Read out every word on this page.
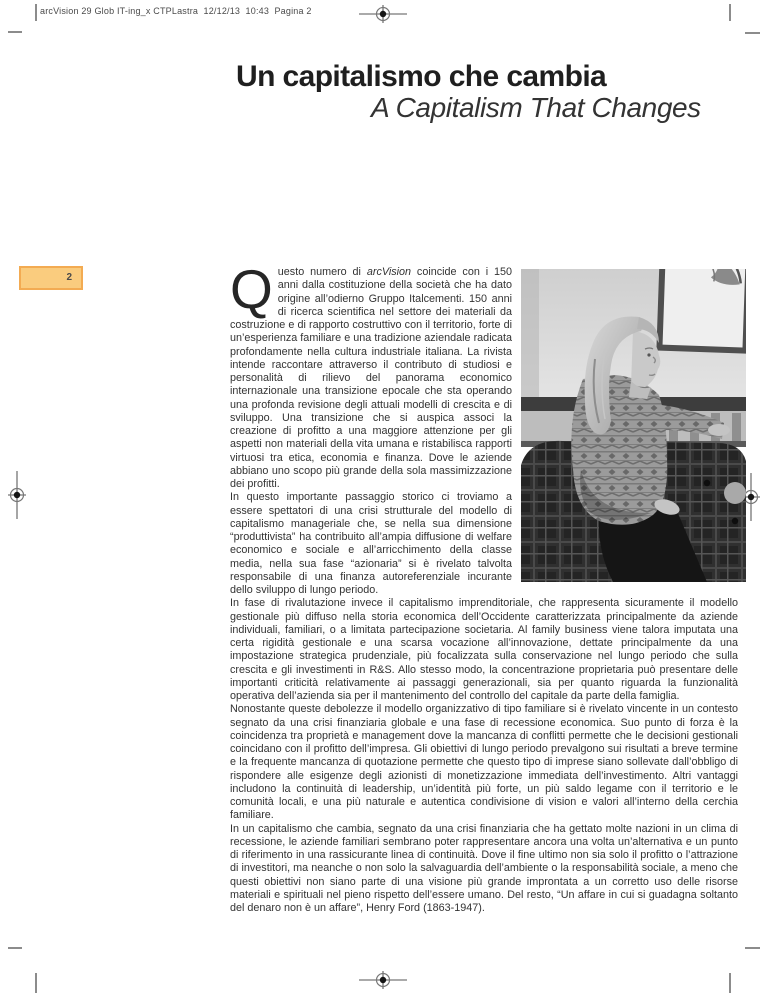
arcVision 29 Glob IT-ing_x CTPLastra  12/12/13  10:43  Pagina 2
Un capitalismo che cambia
A Capitalism That Changes
2	Questo numero di arcVision coincide con i 150 anni dalla costituzione della società che ha dato origine all’odierno Gruppo Italcementi. 150 anni di ricerca scientifica nel settore dei materiali da costruzione e di rapporto costruttivo con il territorio, forte di un’esperienza familiare e una tradizione aziendale radicata profondamente nella cultura industriale italiana. La rivista intende raccontare attraverso il contributo di studiosi e personalità di rilievo del panorama economico internazionale una transizione epocale che sta operando una profonda revisione degli attuali modelli di crescita e di sviluppo. Una transizione che si auspica associ la creazione di profitto a una maggiore attenzione per gli aspetti non materiali della vita umana e ristabilisca rapporti virtuosi tra etica, economia e finanza. Dove le aziende abbiano uno scopo più grande della sola massimizzazione dei profitti.

In questo importante passaggio storico ci troviamo a essere spettatori di una crisi strutturale del modello di capitalismo manageriale che, se nella sua dimensione “produttivista” ha contribuito all’ampia diffusione di welfare economico e sociale e all’arricchimento della classe media, nella sua fase “azionaria” si è rivelato talvolta responsabile di una finanza autoreferenziale incurante dello sviluppo di lungo periodo.

In fase di rivalutazione invece il capitalismo imprenditoriale, che rappresenta sicuramente il modello gestionale più diffuso nella storia economica dell’Occidente caratterizzata principalmente da aziende individuali, familiari, o a limitata partecipazione societaria. Al family business viene talora imputata una certa rigidità gestionale e una scarsa vocazione all’innovazione, dettate principalmente da una impostazione strategica prudenziale, più focalizzata sulla conservazione nel lungo periodo che sulla crescita e gli investimenti in R&S. Allo stesso modo, la concentrazione proprietaria può presentare delle importanti criticità relativamente ai passaggi generazionali, sia per quanto riguarda la funzionalità operativa dell’azienda sia per il mantenimento del controllo del capitale da parte della famiglia.

Nonostante queste debolezze il modello organizzativo di tipo familiare si è rivelato vincente in un contesto segnato da una crisi finanziaria globale e una fase di recessione economica. Suo punto di forza è la coincidenza tra proprietà e management dove la mancanza di conflitti permette che le decisioni gestionali coincidano con il profitto dell’impresa. Gli obiettivi di lungo periodo prevalgono sui risultati a breve termine e la frequente mancanza di quotazione permette che questo tipo di imprese siano sollevate dall’obbligo di rispondere alle esigenze degli azionisti di monetizzazione immediata dell’investimento. Altri vantaggi includono la continuità di leadership, un’identità più forte, un più saldo legame con il territorio e le comunità locali, e una più naturale e autentica condivisione di vision e valori all’interno della cerchia familiare.

In un capitalismo che cambia, segnato da una crisi finanziaria che ha gettato molte nazioni in un clima di recessione, le aziende familiari sembrano poter rappresentare ancora una volta un’alternativa e un punto di riferimento in una rassicurante linea di continuità. Dove il fine ultimo non sia solo il profitto o l’attrazione di investitori, ma neanche o non solo la salvaguardia dell’ambiente o la responsabilità sociale, a meno che questi obiettivi non siano parte di una visione più grande improntata a un corretto uso delle risorse materiali e spirituali nel pieno rispetto dell’essere umano. Del resto, “Un affare in cui si guadagna soltanto del denaro non è un affare”, Henry Ford (1863-1947).
